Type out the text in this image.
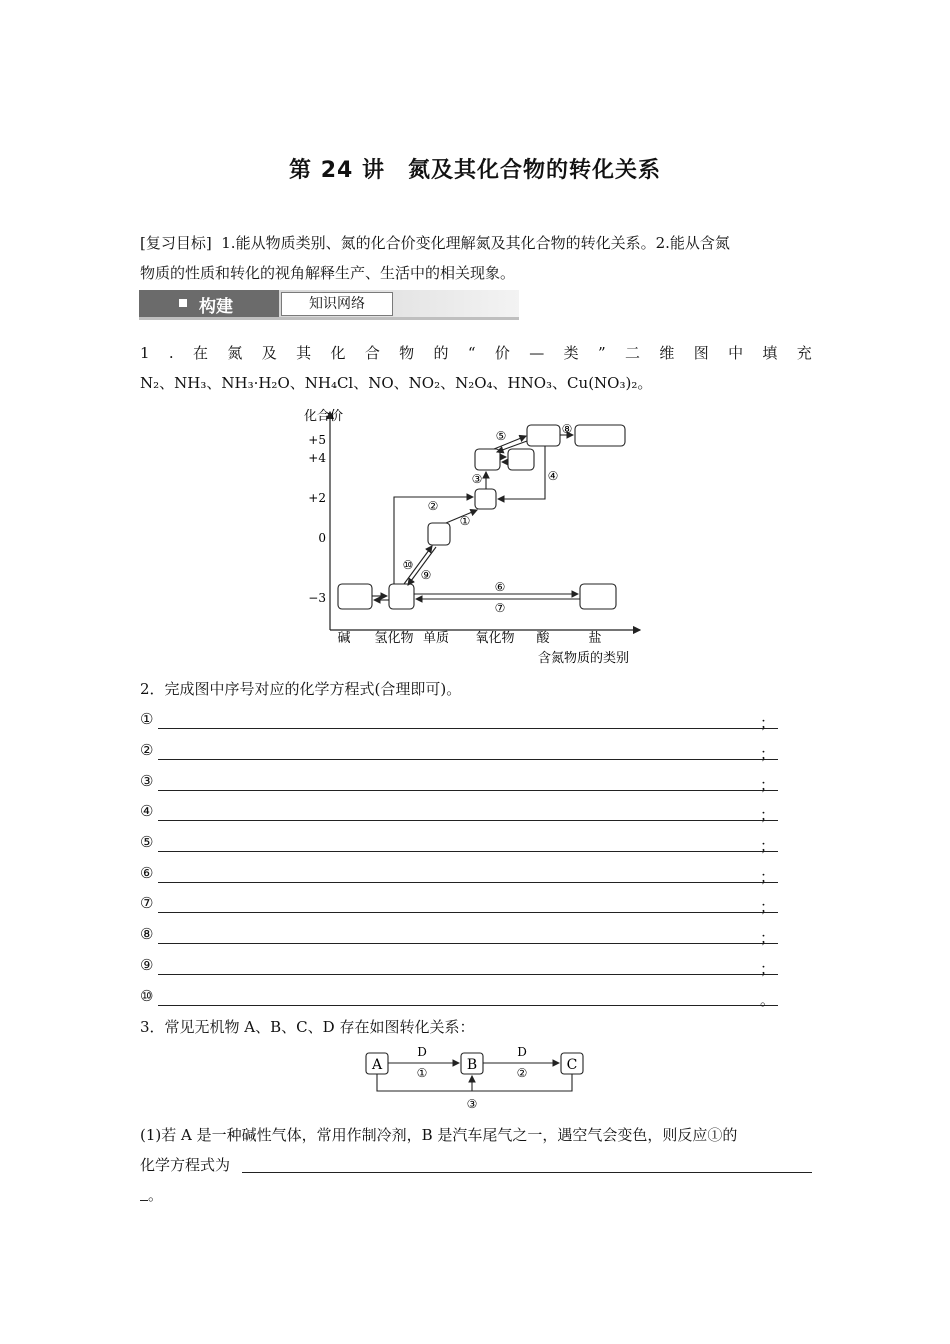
第 24 讲　氮及其化合物的转化关系
[复习目标] 1.能从物质类别、氮的化合价变化理解氮及其化合物的转化关系。2.能从含氮
物质的性质和转化的视角解释生产、生活中的相关现象。
构建	知识网络
1 . 在 氮 及 其 化 合 物 的 “ 价 — 类 ” 二 维 图 中 填 充
N₂、NH₃、NH₃·H₂O、NH₄Cl、NO、NO₂、N₂O₄、HNO₃、Cu(NO₃)₂。
化合价
+5
+4
+2
0
−3
碱 氢化物 单质 氧化物 酸	盐
含氮物质的类别
①
②
③	④
⑤
⑥
⑦
⑧
⑨
⑩
2．完成图中序号对应的化学方程式(合理即可)。
①	；
②	；
③	；
④	；
⑤	；
⑥	；
⑦	；
⑧	；
⑨	；
⑩	。
3．常见无机物 A、B、C、D 存在如图转化关系：
A	B	C
D
①
D
②
③
(1)若 A 是一种碱性气体，常用作制冷剂，B 是汽车尾气之一，遇空气会变色，则反应①的
化学方程式为
。
